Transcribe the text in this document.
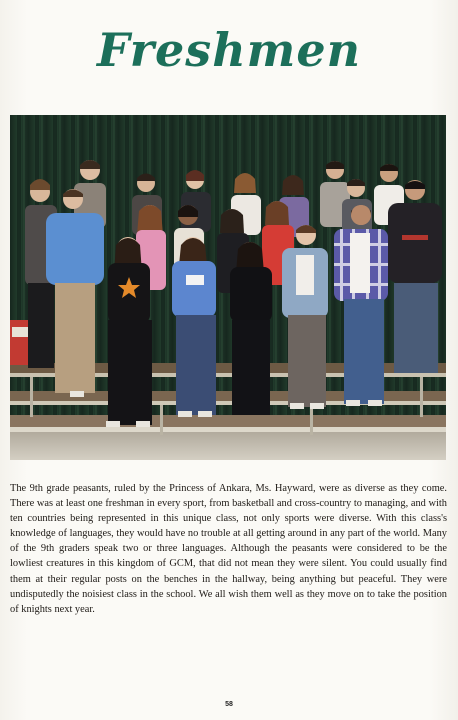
Freshmen
The 9th grade peasants, ruled by the Princess of Ankara, Ms. Hayward, were as diverse as they come. There was at least one freshman in every sport, from basketball and cross-country to managing, and with ten countries being represented in this unique class, not only sports were diverse. With this class's knowledge of languages, they would have no trouble at all getting around in any part of the world. Many of the 9th graders speak two or three languages. Although the peasants were considered to be the lowliest creatures in this kingdom of GCM, that did not mean they were silent. You could usually find them at their regular posts on the benches in the hallway, being anything but peaceful. They were undisputedly the noisiest class in the school. We all wish them well as they move on to take the position of knights next year.
58
